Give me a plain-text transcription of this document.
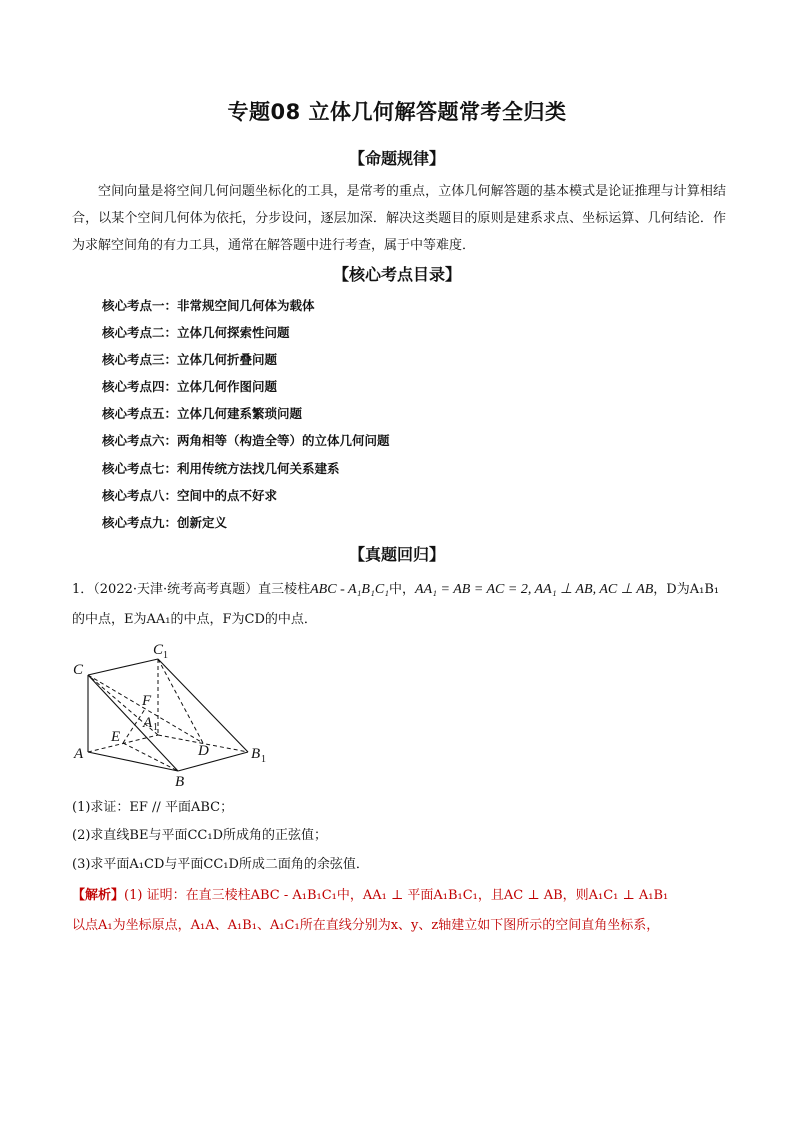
专题08 立体几何解答题常考全归类
【命题规律】
空间向量是将空间几何问题坐标化的工具，是常考的重点，立体几何解答题的基本模式是论证推理与计算相结合，以某个空间几何体为依托，分步设问，逐层加深．解决这类题目的原则是建系求点、坐标运算、几何结论．作为求解空间角的有力工具，通常在解答题中进行考查，属于中等难度．
【核心考点目录】
核心考点一：非常规空间几何体为载体
核心考点二：立体几何探索性问题
核心考点三：立体几何折叠问题
核心考点四：立体几何作图问题
核心考点五：立体几何建系繁琐问题
核心考点六：两角相等（构造全等）的立体几何问题
核心考点七：利用传统方法找几何关系建系
核心考点八：空间中的点不好求
核心考点九：创新定义
【真题回归】
1．（2022·天津·统考高考真题）直三棱柱ABC - A₁B₁C₁中，AA₁ = AB = AC = 2, AA₁ ⊥ AB, AC ⊥ AB，D为A₁B₁
的中点，E为AA₁的中点，F为CD的中点．
C
C 1
F
A 1
E
D
A
B
B 1
(1)求证：EF // 平面ABC；
(2)求直线BE与平面CC₁D所成角的正弦值；
(3)求平面A₁CD与平面CC₁D所成二面角的余弦值．
【解析】(1) 证明：在直三棱柱ABC - A₁B₁C₁中，AA₁ ⊥ 平面A₁B₁C₁，且AC ⊥ AB，则A₁C₁ ⊥ A₁B₁
以点A₁为坐标原点，A₁A、A₁B₁、A₁C₁所在直线分别为x、y、z轴建立如下图所示的空间直角坐标系，
